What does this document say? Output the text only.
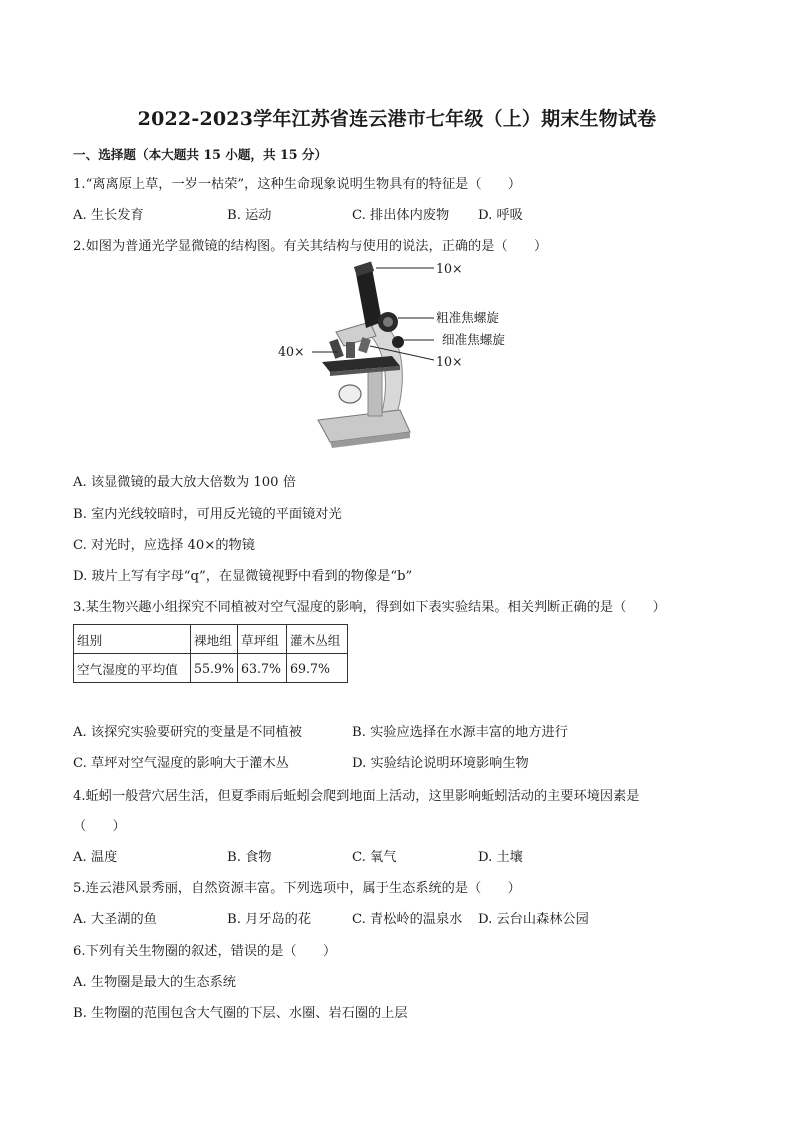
2022-2023学年江苏省连云港市七年级（上）期末生物试卷
一、选择题（本大题共 15 小题，共 15 分）
1.“离离原上草，一岁一枯荣”，这种生命现象说明生物具有的特征是（　　）
A. 生长发育	B. 运动	C. 排出体内废物 D. 呼吸
2.如图为普通光学显微镜的结构图。有关其结构与使用的说法，正确的是（　　）
10×
粗准焦螺旋
细准焦螺旋
10×
40×
A. 该显微镜的最大放大倍数为 100 倍
B. 室内光线较暗时，可用反光镜的平面镜对光
C. 对光时，应选择 40×的物镜
D. 玻片上写有字母“q”，在显微镜视野中看到的物像是“b”
3.某生物兴趣小组探究不同植被对空气湿度的影响，得到如下表实验结果。相关判断正确的是（　　）
组别	裸地组	草坪组	灌木丛组
空气湿度的平均值	55.9%	63.7%	69.7%
A. 该探究实验要研究的变量是不同植被	B. 实验应选择在水源丰富的地方进行
C. 草坪对空气湿度的影响大于灌木丛	D. 实验结论说明环境影响生物
4.蚯蚓一般营穴居生活，但夏季雨后蚯蚓会爬到地面上活动，这里影响蚯蚓活动的主要环境因素是
（　　）
A. 温度	B. 食物	C. 氧气	D. 土壤
5.连云港风景秀丽，自然资源丰富。下列选项中，属于生态系统的是（　　）
A. 大圣湖的鱼	B. 月牙岛的花	C. 青松岭的温泉水 D. 云台山森林公园
6.下列有关生物圈的叙述，错误的是（　　）
A. 生物圈是最大的生态系统
B. 生物圈的范围包含大气圈的下层、水圈、岩石圈的上层
